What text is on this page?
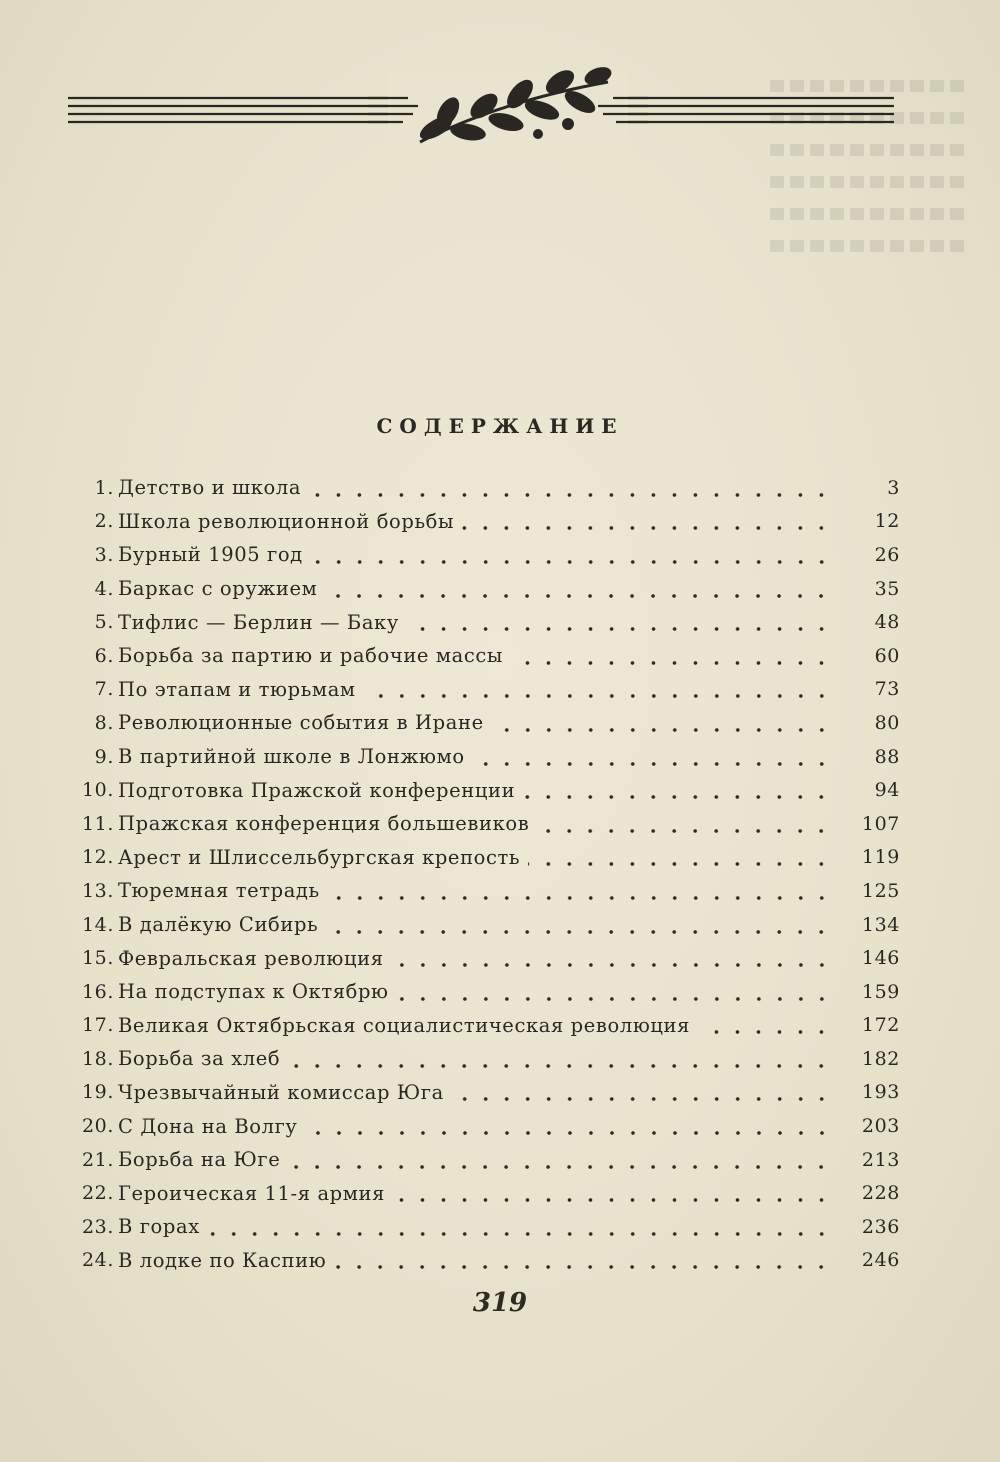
СОДЕРЖАНИЕ
1. Детство и школа	3
2. Школа революционной борьбы	12
3. Бурный 1905 год	26
4. Баркас с оружием	35
5. Тифлис — Берлин — Баку	48
6. Борьба за партию и рабочие массы	60
7. По этапам и тюрьмам	73
8. Революционные события в Иране	80
9. В партийной школе в Лонжюмо	88
10. Подготовка Пражской конференции	94
11. Пражская конференция большевиков	107
12. Арест и Шлиссельбургская крепость	119
13. Тюремная тетрадь	125
14. В далёкую Сибирь	134
15. Февральская революция	146
16. На подступах к Октябрю	159
17. Великая Октябрьская социалистическая революция	172
18. Борьба за хлеб	182
19. Чрезвычайный комиссар Юга	193
20. С Дона на Волгу	203
21. Борьба на Юге	213
22. Героическая 11-я армия	228
23. В горах	236
24. В лодке по Каспию	246
319
